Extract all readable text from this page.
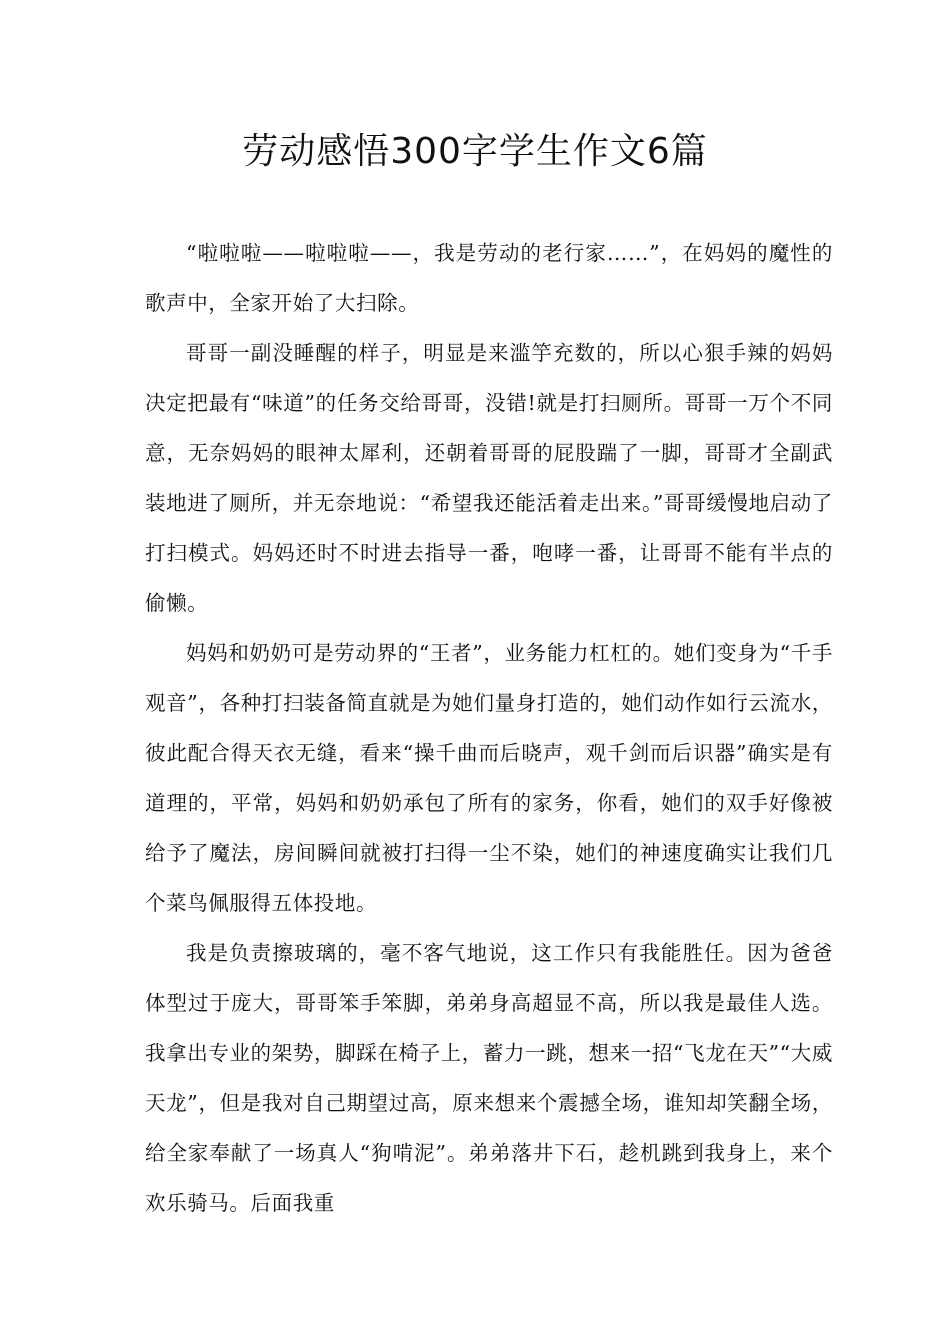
劳动感悟300字学生作文6篇

“啦啦啦——啦啦啦——，我是劳动的老行家……”，在妈妈的魔性的歌声中，全家开始了大扫除。

哥哥一副没睡醒的样子，明显是来滥竽充数的，所以心狠手辣的妈妈决定把最有“味道”的任务交给哥哥，没错!就是打扫厕所。哥哥一万个不同意，无奈妈妈的眼神太犀利，还朝着哥哥的屁股踹了一脚，哥哥才全副武装地进了厕所，并无奈地说：“希望我还能活着走出来。”哥哥缓慢地启动了打扫模式。妈妈还时不时进去指导一番，咆哮一番，让哥哥不能有半点的偷懒。

妈妈和奶奶可是劳动界的“王者”，业务能力杠杠的。她们变身为“千手观音”，各种打扫装备简直就是为她们量身打造的，她们动作如行云流水，彼此配合得天衣无缝，看来“操千曲而后晓声，观千剑而后识器”确实是有道理的，平常，妈妈和奶奶承包了所有的家务，你看，她们的双手好像被给予了魔法，房间瞬间就被打扫得一尘不染，她们的神速度确实让我们几个菜鸟佩服得五体投地。

我是负责擦玻璃的，毫不客气地说，这工作只有我能胜任。因为爸爸体型过于庞大，哥哥笨手笨脚，弟弟身高超显不高，所以我是最佳人选。我拿出专业的架势，脚踩在椅子上，蓄力一跳，想来一招“飞龙在天”“大威天龙”，但是我对自己期望过高，原来想来个震撼全场，谁知却笑翻全场，给全家奉献了一场真人“狗啃泥”。弟弟落井下石，趁机跳到我身上，来个欢乐骑马。后面我重
